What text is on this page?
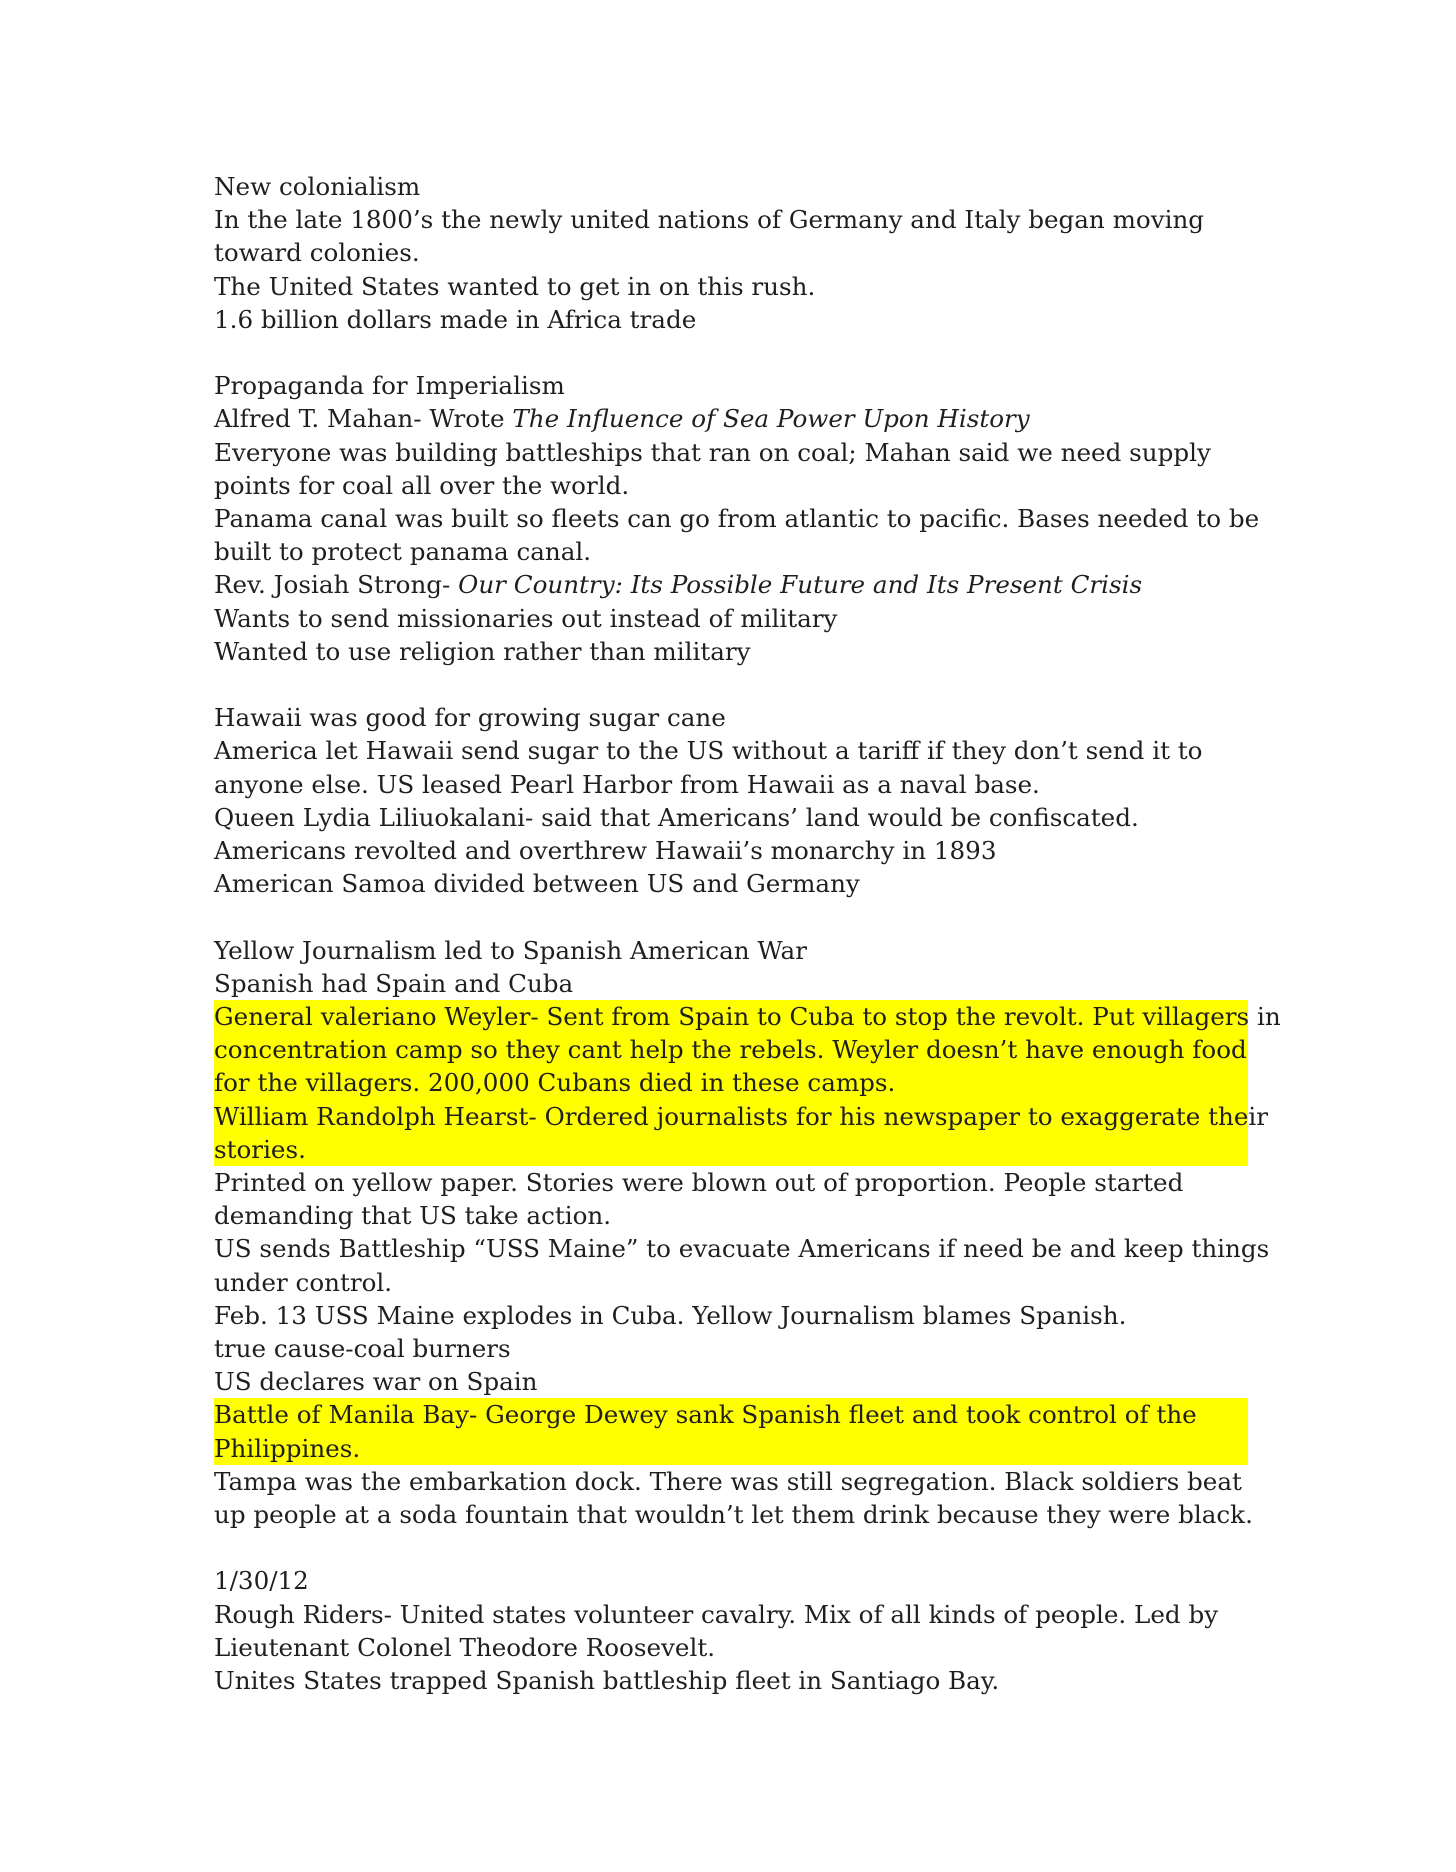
New colonialism

In the late 1800’s the newly united nations of Germany and Italy began moving

toward colonies.

The United States wanted to get in on this rush.

1.6 billion dollars made in Africa trade

Propaganda for Imperialism

Alfred T. Mahan- Wrote The Influence of Sea Power Upon History

Everyone was building battleships that ran on coal; Mahan said we need supply

points for coal all over the world.

Panama canal was built so fleets can go from atlantic to pacific. Bases needed to be

built to protect panama canal.

Rev. Josiah Strong- Our Country: Its Possible Future and Its Present Crisis

Wants to send missionaries out instead of military

Wanted to use religion rather than military

Hawaii was good for growing sugar cane

America let Hawaii send sugar to the US without a tariff if they don’t send it to

anyone else. US leased Pearl Harbor from Hawaii as a naval base.

Queen Lydia Liliuokalani- said that Americans’ land would be confiscated.

Americans revolted and overthrew Hawaii’s monarchy in 1893

American Samoa divided between US and Germany

Yellow Journalism led to Spanish American War

Spanish had Spain and Cuba

General valeriano Weyler- Sent from Spain to Cuba to stop the revolt. Put villagers in

concentration camp so they cant help the rebels. Weyler doesn’t have enough food

for the villagers. 200,000 Cubans died in these camps.

William Randolph Hearst- Ordered journalists for his newspaper to exaggerate their

stories.

Printed on yellow paper. Stories were blown out of proportion. People started

demanding that US take action.

US sends Battleship “USS Maine” to evacuate Americans if need be and keep things

under control.

Feb. 13 USS Maine explodes in Cuba. Yellow Journalism blames Spanish.

true cause-coal burners

US declares war on Spain

Battle of Manila Bay- George Dewey sank Spanish fleet and took control of the

Philippines.

Tampa was the embarkation dock. There was still segregation. Black soldiers beat

up people at a soda fountain that wouldn’t let them drink because they were black.

1/30/12

Rough Riders- United states volunteer cavalry. Mix of all kinds of people. Led by

Lieutenant Colonel Theodore Roosevelt.

Unites States trapped Spanish battleship fleet in Santiago Bay.
